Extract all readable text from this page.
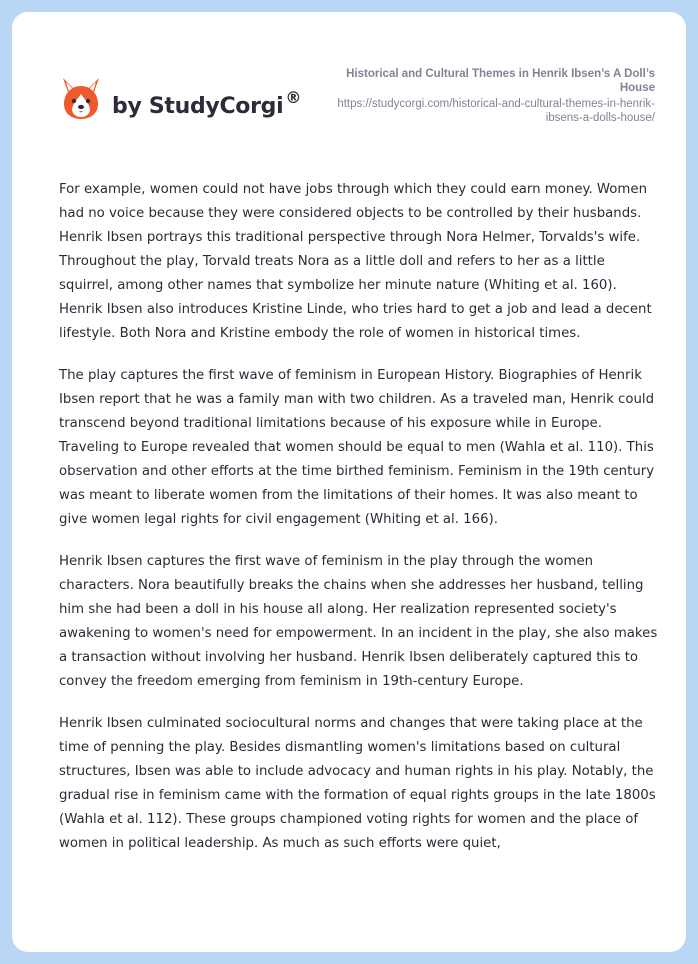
by StudyCorgi ®
Historical and Cultural Themes in Henrik Ibsen’s A Doll’s House
https://studycorgi.com/historical-and-cultural-themes-in-henrik-ibsens-a-dolls-house/

For example, women could not have jobs through which they could earn money. Women had no voice because they were considered objects to be controlled by their husbands. Henrik Ibsen portrays this traditional perspective through Nora Helmer, Torvalds's wife. Throughout the play, Torvald treats Nora as a little doll and refers to her as a little squirrel, among other names that symbolize her minute nature (Whiting et al. 160). Henrik Ibsen also introduces Kristine Linde, who tries hard to get a job and lead a decent lifestyle. Both Nora and Kristine embody the role of women in historical times.

The play captures the first wave of feminism in European History. Biographies of Henrik Ibsen report that he was a family man with two children. As a traveled man, Henrik could transcend beyond traditional limitations because of his exposure while in Europe. Traveling to Europe revealed that women should be equal to men (Wahla et al. 110). This observation and other efforts at the time birthed feminism. Feminism in the 19th century was meant to liberate women from the limitations of their homes. It was also meant to give women legal rights for civil engagement (Whiting et al. 166).

Henrik Ibsen captures the first wave of feminism in the play through the women characters. Nora beautifully breaks the chains when she addresses her husband, telling him she had been a doll in his house all along. Her realization represented society's awakening to women's need for empowerment. In an incident in the play, she also makes a transaction without involving her husband. Henrik Ibsen deliberately captured this to convey the freedom emerging from feminism in 19th-century Europe.

Henrik Ibsen culminated sociocultural norms and changes that were taking place at the time of penning the play. Besides dismantling women's limitations based on cultural structures, Ibsen was able to include advocacy and human rights in his play. Notably, the gradual rise in feminism came with the formation of equal rights groups in the late 1800s (Wahla et al. 112). These groups championed voting rights for women and the place of women in political leadership. As much as such efforts were quiet,
